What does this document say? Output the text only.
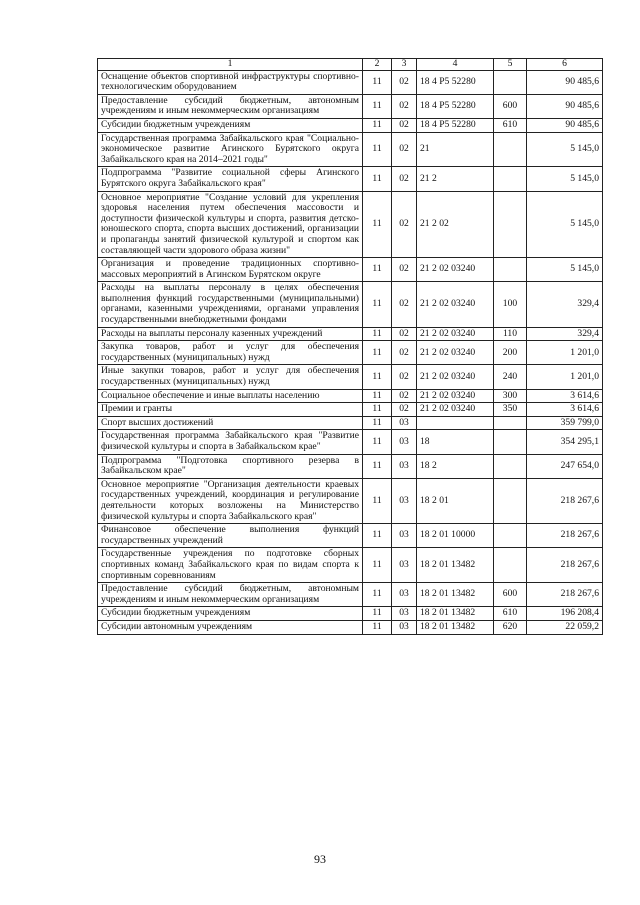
1	2	3	4	5	6
Оснащение объектов спортивной инфраструктуры спортивно-технологическим оборудованием	11	02	18 4 P5 52280		90 485,6
Предоставление субсидий бюджетным, автономным учреждениям и иным некоммерческим организациям	11	02	18 4 P5 52280	600	90 485,6
Субсидии бюджетным учреждениям	11	02	18 4 P5 52280	610	90 485,6
Государственная программа Забайкальского края "Социально-экономическое развитие Агинского Бурятского округа Забайкальского края на 2014–2021 годы"	11	02	21		5 145,0
Подпрограмма "Развитие социальной сферы Агинского Бурятского округа Забайкальского края"	11	02	21 2		5 145,0
Основное мероприятие "Создание условий для укрепления здоровья населения путем обеспечения массовости и доступности физической культуры и спорта, развития детско-юношеского спорта, спорта высших достижений, организации и пропаганды занятий физической культурой и спортом как составляющей части здорового образа жизни"	11	02	21 2 02		5 145,0
Организация и проведение традиционных спортивно-массовых мероприятий в Агинском Бурятском округе	11	02	21 2 02 03240		5 145,0
Расходы на выплаты персоналу в целях обеспечения выполнения функций государственными (муниципальными) органами, казенными учреждениями, органами управления государственными внебюджетными фондами	11	02	21 2 02 03240	100	329,4
Расходы на выплаты персоналу казенных учреждений	11	02	21 2 02 03240	110	329,4
Закупка товаров, работ и услуг для обеспечения государственных (муниципальных) нужд	11	02	21 2 02 03240	200	1 201,0
Иные закупки товаров, работ и услуг для обеспечения государственных (муниципальных) нужд	11	02	21 2 02 03240	240	1 201,0
Социальное обеспечение и иные выплаты населению	11	02	21 2 02 03240	300	3 614,6
Премии и гранты	11	02	21 2 02 03240	350	3 614,6
Спорт высших достижений	11	03			359 799,0
Государственная программа Забайкальского края "Развитие физической культуры и спорта в Забайкальском крае"	11	03	18		354 295,1
Подпрограмма "Подготовка спортивного резерва в Забайкальском крае"	11	03	18 2		247 654,0
Основное мероприятие "Организация деятельности краевых государственных учреждений, координация и регулирование деятельности которых возложены на Министерство физической культуры и спорта Забайкальского края"	11	03	18 2 01		218 267,6
Финансовое обеспечение выполнения функций государственных учреждений	11	03	18 2 01 10000		218 267,6
Государственные учреждения по подготовке сборных спортивных команд Забайкальского края по видам спорта к спортивным соревнованиям	11	03	18 2 01 13482		218 267,6
Предоставление субсидий бюджетным, автономным учреждениям и иным некоммерческим организациям	11	03	18 2 01 13482	600	218 267,6
Субсидии бюджетным учреждениям	11	03	18 2 01 13482	610	196 208,4
Субсидии автономным учреждениям	11	03	18 2 01 13482	620	22 059,2
93
